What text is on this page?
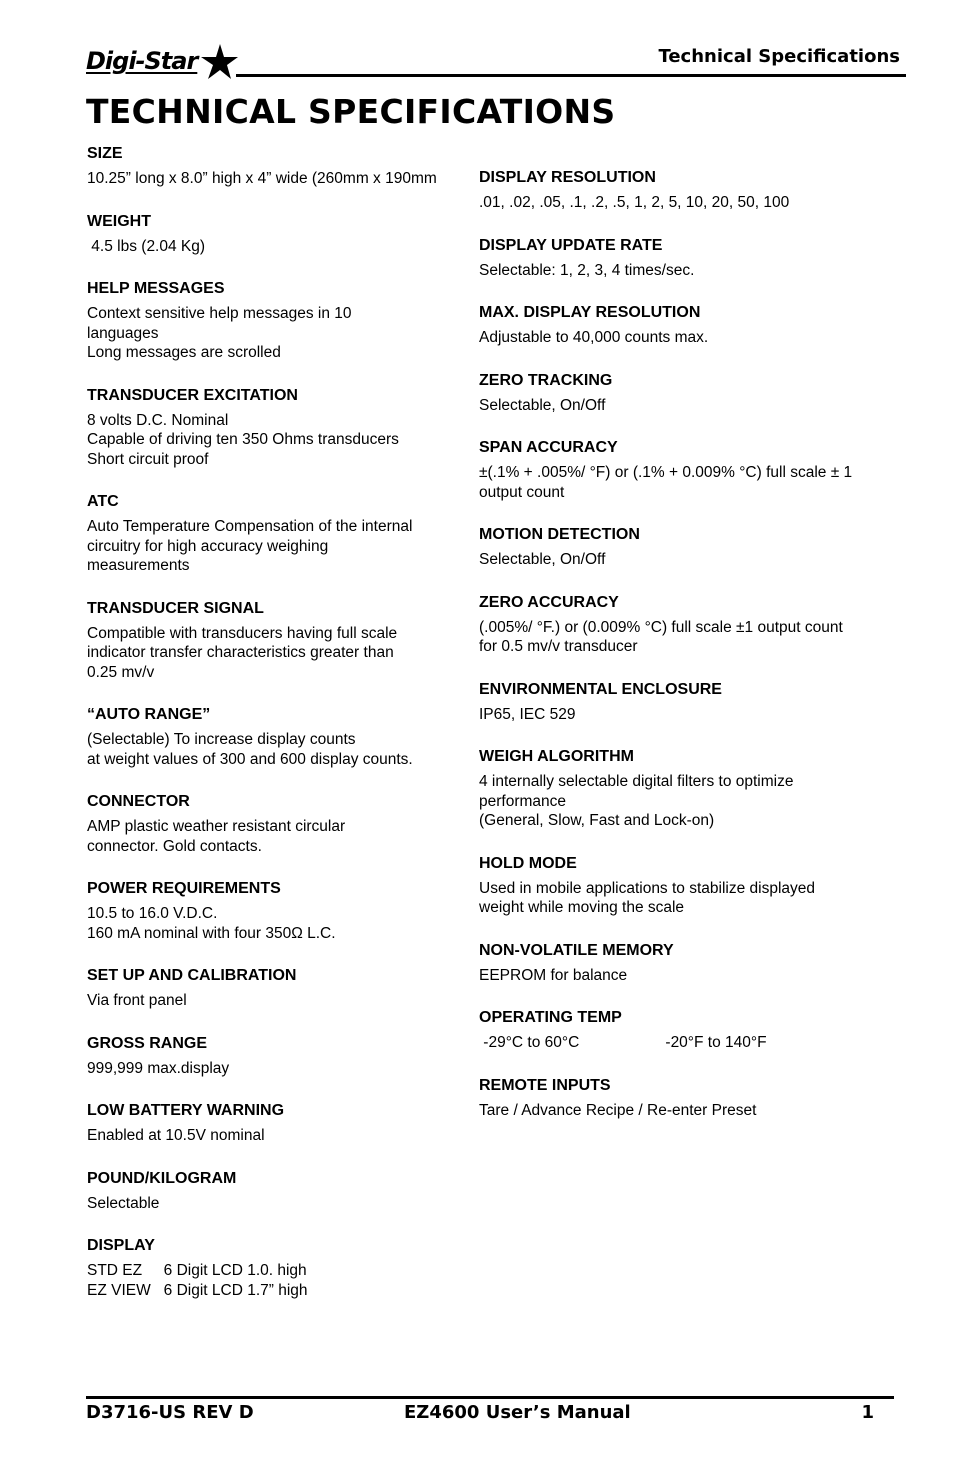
Digi-Star	Technical Specifications
TECHNICAL SPECIFICATIONS
SIZE
10.25” long x 8.0” high x 4” wide (260mm x 190mm
WEIGHT
4.5 lbs (2.04 Kg)
HELP MESSAGES
Context sensitive help messages in 10
languages
Long messages are scrolled
TRANSDUCER EXCITATION
8 volts D.C. Nominal
Capable of driving ten 350 Ohms transducers
Short circuit proof
ATC
Auto Temperature Compensation of the internal
circuitry for high accuracy weighing
measurements
TRANSDUCER SIGNAL
Compatible with transducers having full scale
indicator transfer characteristics greater than
0.25 mv/v
“AUTO RANGE”
(Selectable) To increase display counts
at weight values of 300 and 600 display counts.
CONNECTOR
AMP plastic weather resistant circular
connector. Gold contacts.
POWER REQUIREMENTS
10.5 to 16.0 V.D.C.
160 mA nominal with four 350Ω L.C.
SET UP AND CALIBRATION
Via front panel
GROSS RANGE
999,999 max.display
LOW BATTERY WARNING
Enabled at 10.5V nominal
POUND/KILOGRAM
Selectable
DISPLAY
STD EZ     6 Digit LCD 1.0. high
EZ VIEW   6 Digit LCD 1.7” high
DISPLAY RESOLUTION
.01, .02, .05, .1, .2, .5, 1, 2, 5, 10, 20, 50, 100
DISPLAY UPDATE RATE
Selectable: 1, 2, 3, 4 times/sec.
MAX. DISPLAY RESOLUTION
Adjustable to 40,000 counts max.
ZERO TRACKING
Selectable, On/Off
SPAN ACCURACY
±(.1% + .005%/ °F) or (.1% + 0.009% °C) full scale ± 1
output count
MOTION DETECTION
Selectable, On/Off
ZERO ACCURACY
(.005%/ °F.) or (0.009% °C) full scale ±1 output count
for 0.5 mv/v transducer
ENVIRONMENTAL ENCLOSURE
IP65, IEC 529
WEIGH ALGORITHM
4 internally selectable digital filters to optimize
performance
(General, Slow, Fast and Lock-on)
HOLD MODE
Used in mobile applications to stabilize displayed
weight while moving the scale
NON-VOLATILE MEMORY
EEPROM for balance
OPERATING TEMP
-29°C to 60°C                    -20°F to 140°F
REMOTE INPUTS
Tare / Advance Recipe / Re-enter Preset
D3716-US REV D	EZ4600 User’s Manual	1
